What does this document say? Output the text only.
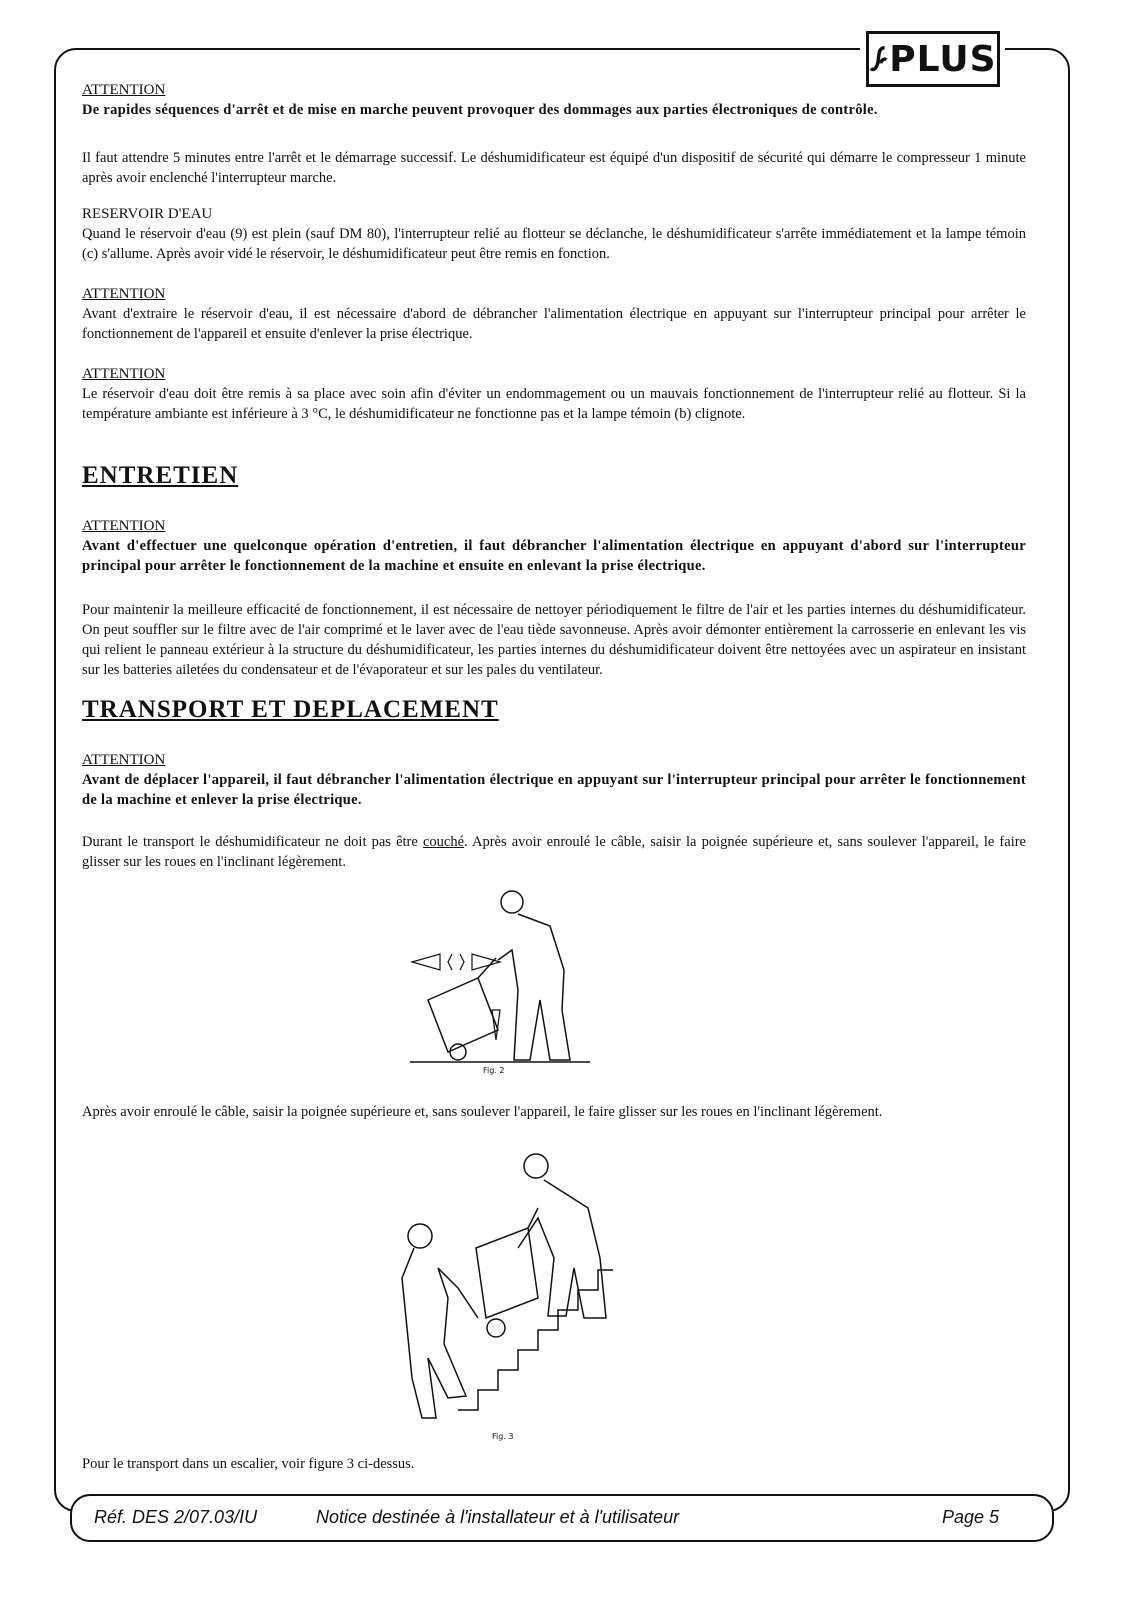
PLUS
ATTENTION

De rapides séquences d'arrêt et de mise en marche peuvent provoquer des dommages aux parties électroniques de contrôle.

Il faut attendre 5 minutes entre l'arrêt et le démarrage successif. Le déshumidificateur est équipé d'un dispositif de sécurité qui démarre le compresseur 1 minute après avoir enclenché l'interrupteur marche.

RESERVOIR D'EAU

Quand le réservoir d'eau (9) est plein (sauf DM 80), l'interrupteur relié au flotteur se déclanche, le déshumidificateur s'arrête immédiatement et la lampe témoin (c) s'allume. Après avoir vidé le réservoir, le déshumidificateur peut être remis en fonction.

ATTENTION

Avant d'extraire le réservoir d'eau, il est nécessaire d'abord de débrancher l'alimentation électrique en appuyant sur l'interrupteur principal pour arrêter le fonctionnement de l'appareil et ensuite d'enlever la prise électrique.

ATTENTION

Le réservoir d'eau doit être remis à sa place avec soin afin d'éviter un endommagement ou un mauvais fonctionnement de l'interrupteur relié au flotteur. Si la température ambiante est inférieure à 3 °C, le déshumidificateur ne fonctionne pas et la lampe témoin (b) clignote.

ENTRETIEN
ATTENTION

Avant d'effectuer une quelconque opération d'entretien, il faut débrancher l'alimentation électrique en appuyant d'abord sur l'interrupteur principal pour arrêter le fonctionnement de la machine et ensuite en enlevant la prise électrique.

Pour maintenir la meilleure efficacité de fonctionnement, il est nécessaire de nettoyer périodiquement le filtre de l'air et les parties internes du déshumidificateur. On peut souffler sur le filtre avec de l'air comprimé et le laver avec de l'eau tiède savonneuse. Après avoir démonter entièrement la carrosserie en enlevant les vis qui relient le panneau extérieur à la structure du déshumidificateur, les parties internes du déshumidificateur doivent être nettoyées avec un aspirateur en insistant sur les batteries ailetées du condensateur et de l'évaporateur et sur les pales du ventilateur.

TRANSPORT ET DEPLACEMENT
ATTENTION

Avant de déplacer l'appareil, il faut débrancher l'alimentation électrique en appuyant sur l'interrupteur principal pour arrêter le fonctionnement de la machine et enlever la prise électrique.

Durant le transport le déshumidificateur ne doit pas être couché. Après avoir enroulé le câble, saisir la poignée supérieure et, sans soulever l'appareil, le faire glisser sur les roues en l'inclinant légèrement.

Fig. 2

Après avoir enroulé le câble, saisir la poignée supérieure et, sans soulever l'appareil, le faire glisser sur les roues en l'inclinant légèrement.

Fig. 3

Pour le transport dans un escalier, voir figure 3 ci-dessus.

Réf. DES 2/07.03/IU	Notice destinée à l'installateur et à l'utilisateur	Page 5
